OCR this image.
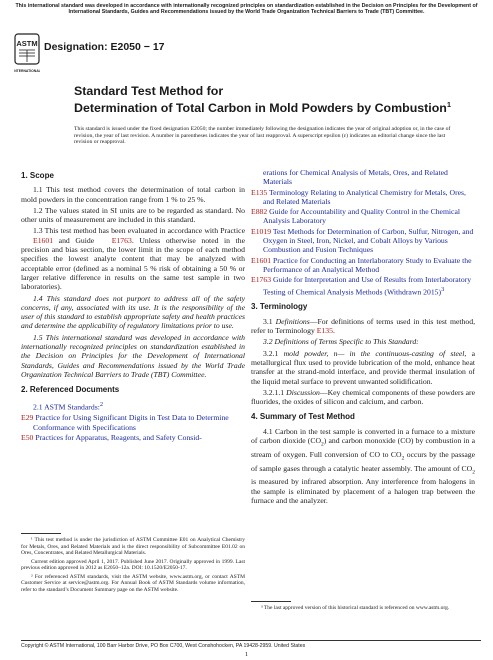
This international standard was developed in accordance with internationally recognized principles on standardization established in the Decision on Principles for the Development of International Standards, Guides and Recommendations issued by the World Trade Organization Technical Barriers to Trade (TBT) Committee.
ASTM
INTERNATIONAL
Designation: E2050 − 17
Standard Test Method for
Determination of Total Carbon in Mold Powders by Combustion$^1$
This standard is issued under the fixed designation E2050; the number immediately following the designation indicates the year of original adoption or, in the case of revision, the year of last revision. A number in parentheses indicates the year of last reapproval. A superscript epsilon (ε) indicates an editorial change since the last revision or reapproval.
1. Scope

1.1 This test method covers the determination of total carbon in mold powders in the concentration range from 1 % to 25 %.

1.2 The values stated in SI units are to be regarded as standard. No other units of measurement are included in this standard.

1.3 This test method has been evaluated in accordance with Practice E1601 and Guide E1763. Unless otherwise noted in the precision and bias section, the lower limit in the scope of each method specifies the lowest analyte content that may be analyzed with acceptable error (defined as a nominal 5 % risk of obtaining a 50 % or larger relative difference in results on the same test sample in two laboratories).

1.4 This standard does not purport to address all of the safety concerns, if any, associated with its use. It is the responsibility of the user of this standard to establish appropriate safety and health practices and determine the applicability of regulatory limitations prior to use.

1.5 This international standard was developed in accordance with internationally recognized principles on standardization established in the Decision on Principles for the Development of International Standards, Guides and Recommendations issued by the World Trade Organization Technical Barriers to Trade (TBT) Committee.

2. Referenced Documents

2.1 ASTM Standards:$^2$

E29 Practice for Using Significant Digits in Test Data to Determine Conformance with Specifications
E50 Practices for Apparatus, Reagents, and Safety Consid-
erations for Chemical Analysis of Metals, Ores, and Related Materials
E135 Terminology Relating to Analytical Chemistry for Metals, Ores, and Related Materials
E882 Guide for Accountability and Quality Control in the Chemical Analysis Laboratory
E1019 Test Methods for Determination of Carbon, Sulfur, Nitrogen, and Oxygen in Steel, Iron, Nickel, and Cobalt Alloys by Various Combustion and Fusion Techniques
E1601 Practice for Conducting an Interlaboratory Study to Evaluate the Performance of an Analytical Method
E1763 Guide for Interpretation and Use of Results from Interlaboratory Testing of Chemical Analysis Methods (Withdrawn 2015)$^3$
3. Terminology

3.1 Definitions—For definitions of terms used in this test method, refer to Terminology E135.

3.2 Definitions of Terms Specific to This Standard:

3.2.1 mold powder, n— in the continuous-casting of steel, a metallurgical flux used to provide lubrication of the mold, enhance heat transfer at the strand-mold interface, and provide thermal insulation of the liquid metal surface to prevent unwanted solidification.

3.2.1.1 Discussion—Key chemical components of these powders are fluorides, the oxides of silicon and calcium, and carbon.

4. Summary of Test Method

4.1 Carbon in the test sample is converted in a furnace to a mixture of carbon dioxide $(CO_2)$ and carbon monoxide (CO) by combustion in a stream of oxygen. Full conversion of CO to $CO_2$ occurs by the passage of sample gases through a catalytic heater assembly. The amount of $CO_2$ is measured by infrared absorption. Any interference from halogens in the sample is eliminated by placement of a halogen trap between the furnace and the analyzer.

¹ This test method is under the jurisdiction of ASTM Committee E01 on Analytical Chemistry for Metals, Ores, and Related Materials and is the direct responsibility of Subcommittee E01.02 on Ores, Concentrates, and Related Metallurgical Materials.

Current edition approved April 1, 2017. Published June 2017. Originally approved in 1999. Last previous edition approved in 2012 as E2050–12a. DOI: 10.1520/E2050-17.

² For referenced ASTM standards, visit the ASTM website, www.astm.org, or contact ASTM Customer Service at service@astm.org. For Annual Book of ASTM Standards volume information, refer to the standard’s Document Summary page on the ASTM website.

³ The last approved version of this historical standard is referenced on www.astm.org.

Copyright © ASTM International, 100 Barr Harbor Drive, PO Box C700, West Conshohocken, PA 19428-2959. United States
1
